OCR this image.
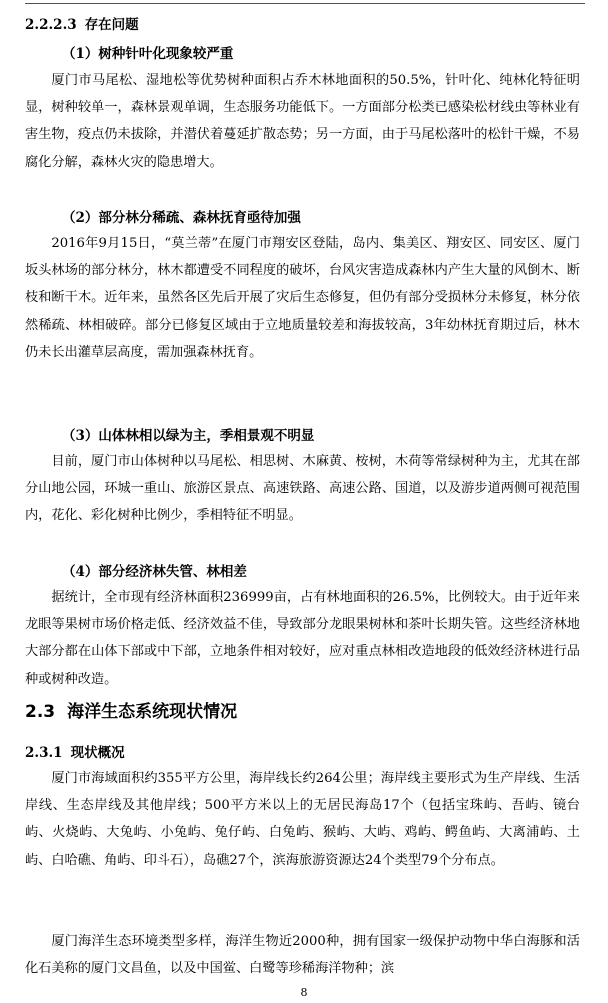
2.2.2.3 存在问题
（1）树种针叶化现象较严重

厦门市马尾松、湿地松等优势树种面积占乔木林地面积的50.5%，针叶化、纯林化特征明显，树种较单一，森林景观单调，生态服务功能低下。一方面部分松类已感染松材线虫等林业有害生物，疫点仍未拔除，并潜伏着蔓延扩散态势；另一方面，由于马尾松落叶的松针干燥，不易腐化分解，森林火灾的隐患增大。

（2）部分林分稀疏、森林抚育亟待加强

2016年9月15日，“莫兰蒂”在厦门市翔安区登陆，岛内、集美区、翔安区、同安区、厦门坂头林场的部分林分，林木都遭受不同程度的破坏，台风灾害造成森林内产生大量的风倒木、断枝和断干木。近年来，虽然各区先后开展了灾后生态修复，但仍有部分受损林分未修复，林分依然稀疏、林相破碎。部分已修复区域由于立地质量较差和海拔较高，3年幼林抚育期过后，林木仍未长出灌草层高度，需加强森林抚育。

（3）山体林相以绿为主，季相景观不明显

目前，厦门市山体树种以马尾松、相思树、木麻黄、桉树，木荷等常绿树种为主，尤其在部分山地公园，环城一重山、旅游区景点、高速铁路、高速公路、国道，以及游步道两侧可视范围内，花化、彩化树种比例少，季相特征不明显。

（4）部分经济林失管、林相差

据统计，全市现有经济林面积236999亩，占有林地面积的26.5%，比例较大。由于近年来龙眼等果树市场价格走低、经济效益不佳，导致部分龙眼果树林和茶叶长期失管。这些经济林地大部分都在山体下部或中下部，立地条件相对较好，应对重点林相改造地段的低效经济林进行品种或树种改造。

2.3 海洋生态系统现状情况
2.3.1 现状概况

厦门市海域面积约355平方公里，海岸线长约264公里；海岸线主要形式为生产岸线、生活岸线、生态岸线及其他岸线；500平方米以上的无居民海岛17个（包括宝珠屿、吾屿、镜台屿、火烧屿、大兔屿、小兔屿、兔仔屿、白兔屿、猴屿、大屿、鸡屿、鳄鱼屿、大离浦屿、土屿、白哈礁、角屿、印斗石），岛礁27个，滨海旅游资源达24个类型79个分布点。

厦门海洋生态环境类型多样，海洋生物近2000种，拥有国家一级保护动物中华白海豚和活化石美称的厦门文昌鱼，以及中国鲎、白鹭等珍稀海洋物种；滨

8
